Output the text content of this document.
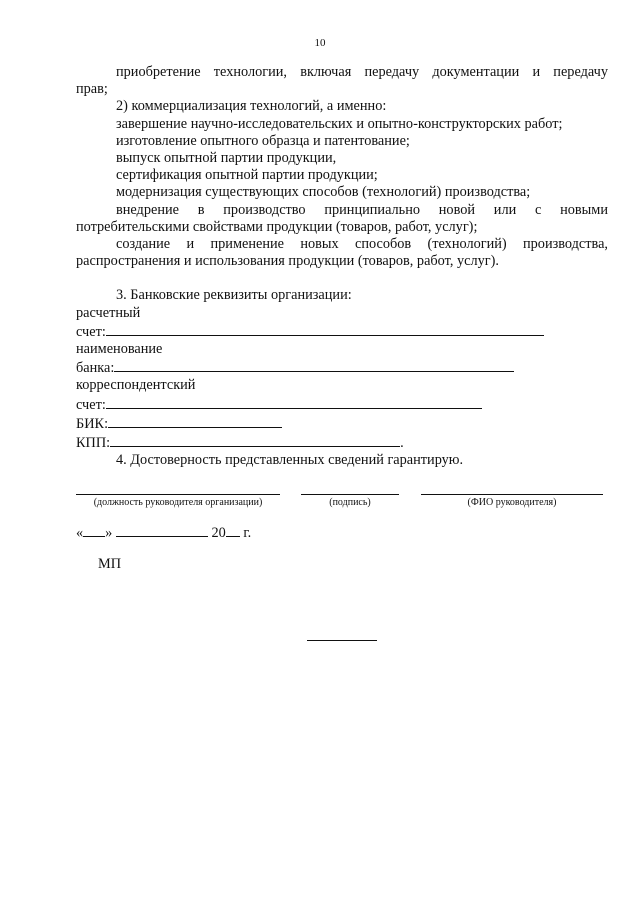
10

приобретение технологии, включая передачу документации и передачу

прав;

2) коммерциализация технологий, а именно:

завершение научно-исследовательских и опытно-конструкторских работ;

изготовление опытного образца и патентование;

выпуск опытной партии продукции,

сертификация опытной партии продукции;

модернизация существующих способов (технологий) производства;

внедрение в производство принципиально новой или с новыми

потребительскими свойствами продукции (товаров, работ, услуг);

создание и применение новых способов (технологий) производства,

распространения и использования продукции (товаров, работ, услуг).

3. Банковские реквизиты организации:

расчетный

счет:

наименование

банка:

корреспондентский

счет:

БИК:

КПП:	.

4. Достоверность представленных сведений гарантирую.

(должность руководителя организации)	(подпись)	(ФИО руководителя)
« »	20 г.
МП
